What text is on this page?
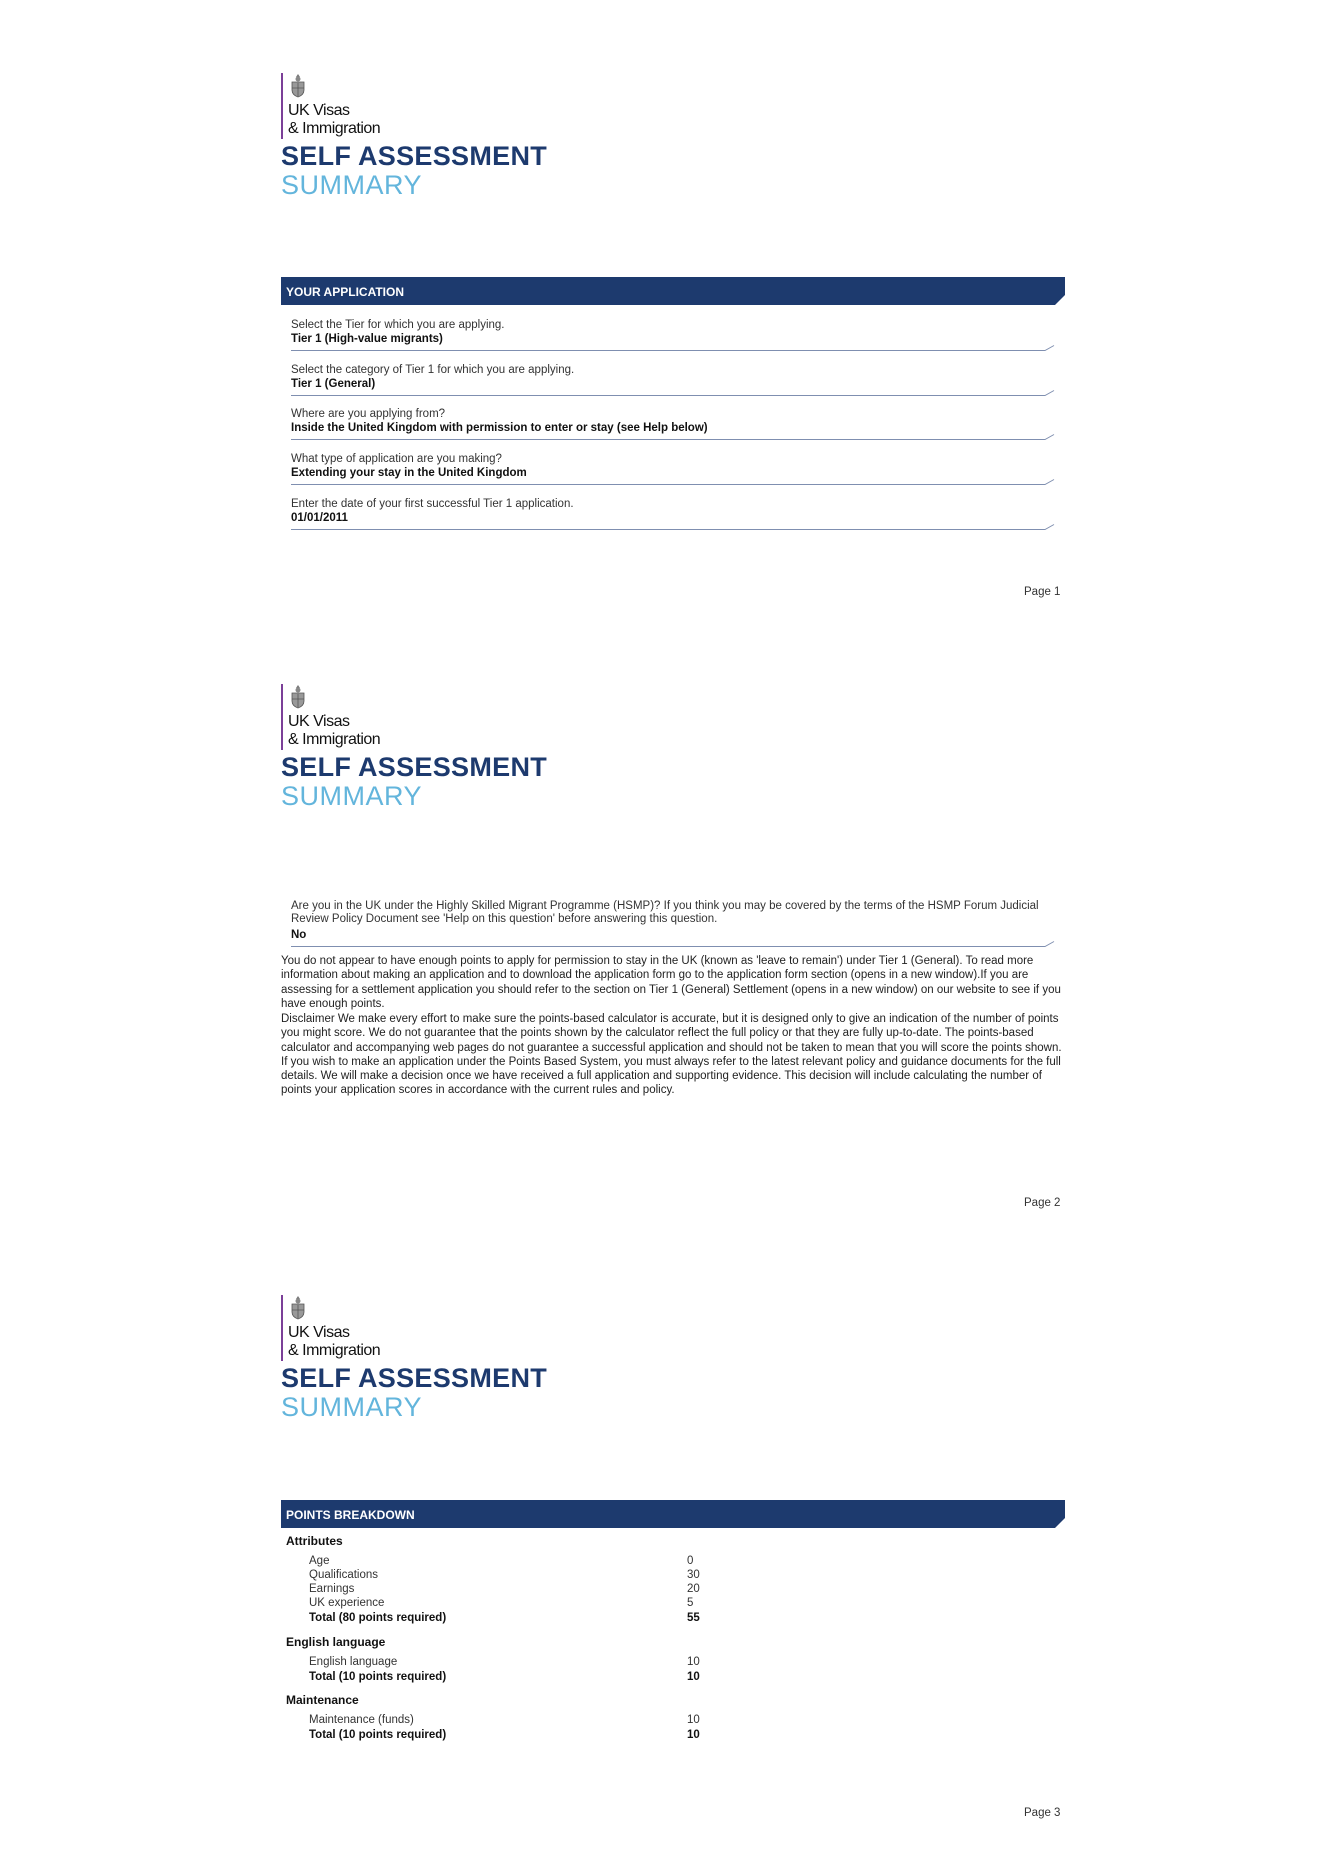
UK Visas
& Immigration
SELF ASSESSMENT
SUMMARY
YOUR APPLICATION
Select the Tier for which you are applying.
Tier 1 (High-value migrants)
Select the category of Tier 1 for which you are applying.
Tier 1 (General)
Where are you applying from?
Inside the United Kingdom with permission to enter or stay (see Help below)
What type of application are you making?
Extending your stay in the United Kingdom
Enter the date of your first successful Tier 1 application.
01/01/2011
Page 1
UK Visas
& Immigration
SELF ASSESSMENT
SUMMARY
Are you in the UK under the Highly Skilled Migrant Programme (HSMP)? If you think you may be covered by the terms of the HSMP Forum Judicial Review Policy Document see 'Help on this question' before answering this question.
No
You do not appear to have enough points to apply for permission to stay in the UK (known as 'leave to remain') under Tier 1 (General). To read more information about making an application and to download the application form go to the application form section (opens in a new window).If you are assessing for a settlement application you should refer to the section on Tier 1 (General) Settlement (opens in a new window) on our website to see if you have enough points.
Disclaimer We make every effort to make sure the points-based calculator is accurate, but it is designed only to give an indication of the number of points you might score. We do not guarantee that the points shown by the calculator reflect the full policy or that they are fully up-to-date. The points-based calculator and accompanying web pages do not guarantee a successful application and should not be taken to mean that you will score the points shown. If you wish to make an application under the Points Based System, you must always refer to the latest relevant policy and guidance documents for the full details. We will make a decision once we have received a full application and supporting evidence. This decision will include calculating the number of points your application scores in accordance with the current rules and policy.
Page 2
UK Visas
& Immigration
SELF ASSESSMENT
SUMMARY
POINTS BREAKDOWN
Attributes
Age	0
Qualifications	30
Earnings	20
UK experience	5
Total (80 points required)	55
English language
English language	10
Total (10 points required)	10
Maintenance
Maintenance (funds)	10
Total (10 points required)	10
Page 3
